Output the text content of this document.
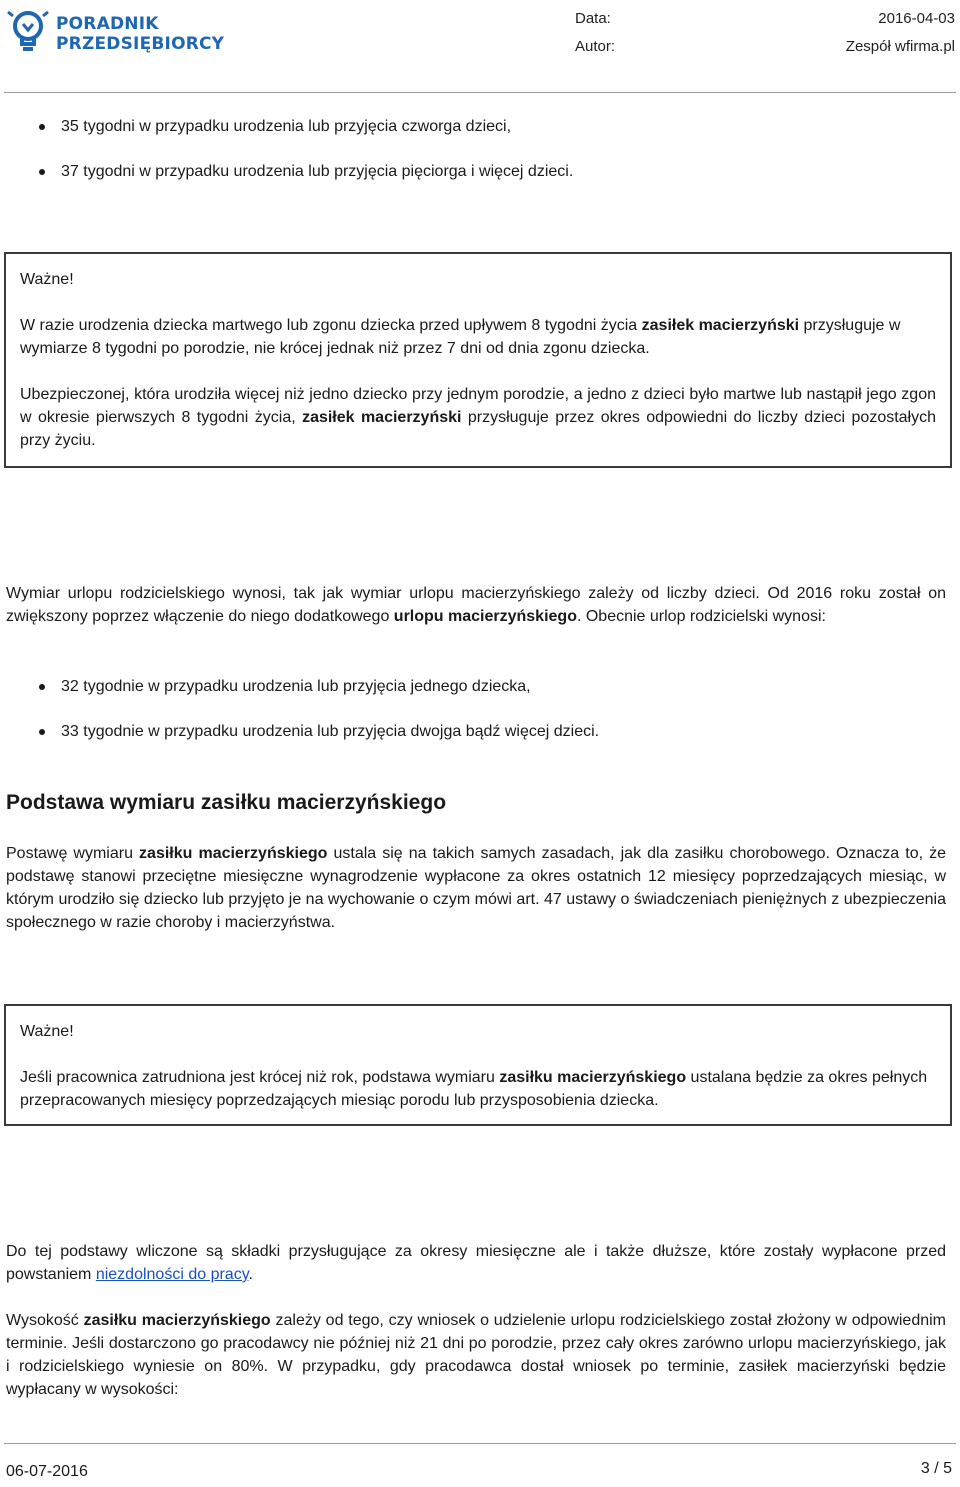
PORADNIK
PRZEDSIĘBIORCY
Data:
Autor:
2016-04-03
Zespół wfirma.pl
35 tygodni w przypadku urodzenia lub przyjęcia czworga dzieci,
37 tygodni w przypadku urodzenia lub przyjęcia pięciorga i więcej dzieci.

Ważne!

W razie urodzenia dziecka martwego lub zgonu dziecka przed upływem 8 tygodni życia zasiłek macierzyński przysługuje w wymiarze 8 tygodni po porodzie, nie krócej jednak niż przez 7 dni od dnia zgonu dziecka.

Ubezpieczonej, która urodziła więcej niż jedno dziecko przy jednym porodzie, a jedno z dzieci było martwe lub nastąpił jego zgon w okresie pierwszych 8 tygodni życia, zasiłek macierzyński przysługuje przez okres odpowiedni do liczby dzieci pozostałych przy życiu.

Wymiar urlopu rodzicielskiego wynosi, tak jak wymiar urlopu macierzyńskiego zależy od liczby dzieci. Od 2016 roku został on zwiększony poprzez włączenie do niego dodatkowego urlopu macierzyńskiego. Obecnie urlop rodzicielski wynosi:

32 tygodnie w przypadku urodzenia lub przyjęcia jednego dziecka,
33 tygodnie w przypadku urodzenia lub przyjęcia dwojga bądź więcej dzieci.
Podstawa wymiaru zasiłku macierzyńskiego

Postawę wymiaru zasiłku macierzyńskiego ustala się na takich samych zasadach, jak dla zasiłku chorobowego. Oznacza to, że podstawę stanowi przeciętne miesięczne wynagrodzenie wypłacone za okres ostatnich 12 miesięcy poprzedzających miesiąc, w którym urodziło się dziecko lub przyjęto je na wychowanie o czym mówi art. 47 ustawy o świadczeniach pieniężnych z ubezpieczenia społecznego w razie choroby i macierzyństwa.

Ważne!

Jeśli pracownica zatrudniona jest krócej niż rok, podstawa wymiaru zasiłku macierzyńskiego ustalana będzie za okres pełnych przepracowanych miesięcy poprzedzających miesiąc porodu lub przysposobienia dziecka.

Do tej podstawy wliczone są składki przysługujące za okresy miesięczne ale i także dłuższe, które zostały wypłacone przed powstaniem niezdolności do pracy.

Wysokość zasiłku macierzyńskiego zależy od tego, czy wniosek o udzielenie urlopu rodzicielskiego został złożony w odpowiednim terminie. Jeśli dostarczono go pracodawcy nie później niż 21 dni po porodzie, przez cały okres zarówno urlopu macierzyńskiego, jak i rodzicielskiego wyniesie on 80%. W przypadku, gdy pracodawca dostał wniosek po terminie, zasiłek macierzyński będzie wypłacany w wysokości:

06-07-2016	3 / 5
